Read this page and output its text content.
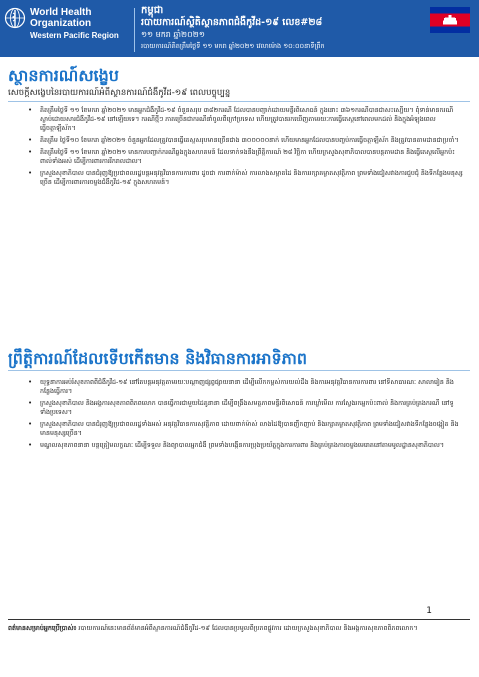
World Health
Organization
Western Pacific Region
កម្ពុជា
របាយការណ៍ស្ថិតិស្ថានភាពជំងឺកូវីដ-១៩ លេខ#២៨
១១ មករា ឆ្នាំ២០២១
របាយការណ៍គិតត្រឹមថ្ងៃទី ១១ មករា ឆ្នាំ២០២១ វេលាម៉ោង ១០:០០នាទីព្រឹក
ស្ថានការណ៍សង្ខេប
សេចក្ដីសង្ខេបនៃរបាយការណ៍អំពីស្ថានការណ៍ជំងឺកូវីដ-១៩ ពេលបច្ចុប្បន្ន
• គិតត្រឹមថ្ងៃទី ១១ ខែមករា ឆ្នាំ២០២១ មានអ្នកជំងឺកូវីដ-១៩ ចំនួនសរុប ៣៨២ករណី ដែលបានបញ្ជាក់ដោយមន្ទីរពិសោធន៍ ក្នុងនោះ ៣៦១ករណីបានជាសះស្បើយ។ ពុំទាន់មានករណីស្លាប់ដោយសារជំងឺកូវីដ-១៩ នៅឡើយទេ។ ករណីថ្មីៗ ភាគច្រើនជាករណីនាំចូលពីក្រៅប្រទេស ហើយត្រូវបានរកឃើញតាមរយៈការធ្វើតេស្តនៅពេលមកដល់ និងក្នុងអំឡុងពេលធ្វើចត្តាឡីស័ក។
• គិតត្រឹម ថ្ងៃទី១០ ខែមករា ឆ្នាំ២០២១ ចំនួនអ្នកដែលត្រូវបានធ្វើតេស្តសរុបមានច្រើនជាង ៣០០០០០នាក់ ហើយមានអ្នកដែលបានបញ្ចប់ការធ្វើចត្តាឡីស័ក និងត្រូវបានតាមដានជាប្រចាំ។
• គិតត្រឹមថ្ងៃទី ១១ ខែមករា ឆ្នាំ២០២១ មានការបញ្ជាក់ករណីឆ្លងក្នុងសហគមន៍ ដែលទាក់ទងនឹងព្រឹត្តិការណ៍ ២៨ វិច្ឆិកា ហើយក្រសួងសុខាភិបាលបានបន្តតាមដាន និងធ្វើតេស្តលើអ្នកប៉ះពាល់ទាំងអស់ ដើម្បីការពារការរីករាលដាល។
• ក្រសួងសុខាភិបាល បានជំរុញឱ្យប្រជាពលរដ្ឋបន្តអនុវត្តវិធានការការពារ ដូចជា ការពាក់ម៉ាស់ ការលាងសម្អាតដៃ និងការរក្សាគម្លាតសុវត្ថិភាព ព្រមទាំងជៀសវាងការជួបជុំ និងទីកន្លែងមនុស្សច្រើន ដើម្បីការពារការចម្លងជំងឺកូវីដ-១៩ ក្នុងសហគមន៍។
ព្រឹត្តិការណ៍ដែលទើបកើតមាន និងវិធានការអាទិភាព
• យុទ្ធនាការអប់រំសុខភាពពីជំងឺកូវីដ-១៩ នៅតែបន្តអនុវត្តតាមរយៈបណ្ដាញផ្សព្វផ្សាយនានា ដើម្បីលើកកម្ពស់ការយល់ដឹង និងការអនុវត្តវិធានការការពារ នៅទីសាធារណៈ សាលារៀន និងកន្លែងធ្វើការ។
• ក្រសួងសុខាភិបាល និងអង្គការសុខភាពពិភពលោក បានធ្វើការជាមួយដៃគូនានា ដើម្បីពង្រឹងសមត្ថភាពមន្ទីរពិសោធន៍ ការឃ្លាំមើល ការស្វែងរកអ្នកប៉ះពាល់ និងការគ្រប់គ្រងករណី នៅទូទាំងប្រទេស។
• ក្រសួងសុខាភិបាល បានជំរុញឱ្យប្រជាពលរដ្ឋទាំងអស់ អនុវត្តវិធានការសុវត្ថិភាព ដោយពាក់ម៉ាស់ លាងដៃឱ្យបានញឹកញាប់ និងរក្សាគម្លាតសុវត្ថិភាព ព្រមទាំងជៀសវាងទីកន្លែងចង្អៀត និងមានមនុស្សច្រើន។
• មណ្ឌលសុខភាពនានា បន្តត្រៀមលក្ខណៈ ដើម្បីទទួល និងព្យាបាលអ្នកជំងឺ ព្រមទាំងបង្កើនការប្រុងប្រយ័ត្នក្នុងការការពារ និងគ្រប់គ្រងការចម្លងមេរោគនៅតាមមូលដ្ឋានសុខាភិបាល។
1
ពត៌មានសម្រាប់អ្នកប្រើប្រាស់៖ របាយការណ៍នេះមានព័ត៌មានអំពីស្ថានការណ៍ជំងឺកូវីដ-១៩ ដែលបានប្រមូលពីប្រភពផ្លូវការ ដោយក្រសួងសុខាភិបាល និងអង្គការសុខភាពពិភពលោក។
